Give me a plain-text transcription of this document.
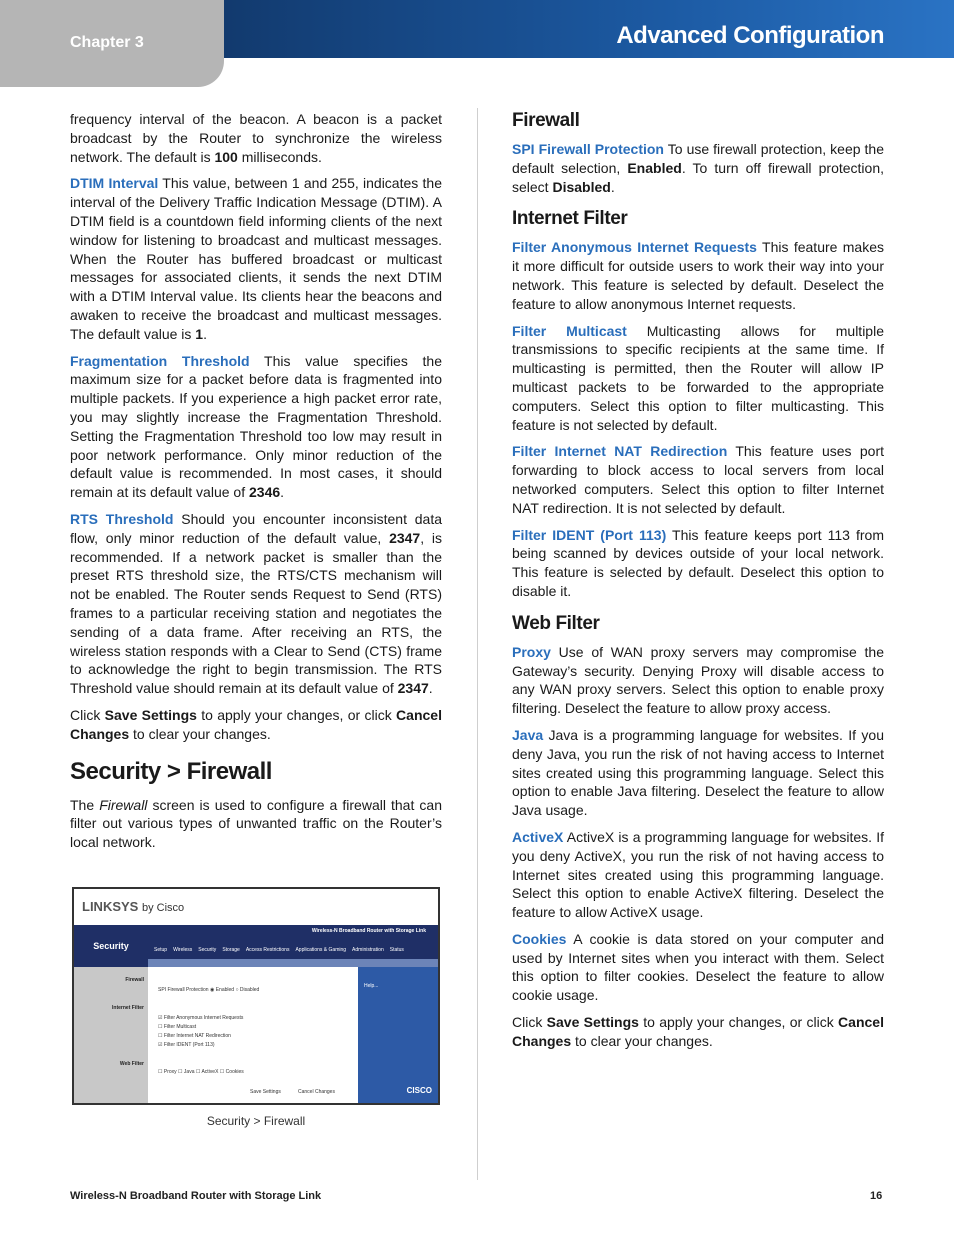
Chapter 3	Advanced Configuration

frequency interval of the beacon. A beacon is a packet broadcast by the Router to synchronize the wireless network. The default is 100 milliseconds.

DTIM Interval This value, between 1 and 255, indicates the interval of the Delivery Traffic Indication Message (DTIM). A DTIM field is a countdown field informing clients of the next window for listening to broadcast and multicast messages. When the Router has buffered broadcast or multicast messages for associated clients, it sends the next DTIM with a DTIM Interval value. Its clients hear the beacons and awaken to receive the broadcast and multicast messages. The default value is 1.

Fragmentation Threshold This value specifies the maximum size for a packet before data is fragmented into multiple packets. If you experience a high packet error rate, you may slightly increase the Fragmentation Threshold. Setting the Fragmentation Threshold too low may result in poor network performance. Only minor reduction of the default value is recommended. In most cases, it should remain at its default value of 2346.

RTS Threshold Should you encounter inconsistent data flow, only minor reduction of the default value, 2347, is recommended. If a network packet is smaller than the preset RTS threshold size, the RTS/CTS mechanism will not be enabled. The Router sends Request to Send (RTS) frames to a particular receiving station and negotiates the sending of a data frame. After receiving an RTS, the wireless station responds with a Clear to Send (CTS) frame to acknowledge the right to begin transmission. The RTS Threshold value should remain at its default value of 2347.

Click Save Settings to apply your changes, or click Cancel Changes to clear your changes.

Security > Firewall

The Firewall screen is used to configure a firewall that can filter out various types of unwanted traffic on the Router’s local network.

LINKSYS by Cisco
Security
Wireless-N Broadband Router with Storage Link
Setup Wireless Security Storage Access Restrictions Applications & Gaming Administration Status
Help...
CISCO
Firewall
Internet Filter
Web Filter
SPI Firewall Protection ◉ Enabled ○ Disabled
☑ Filter Anonymous Internet Requests
☐ Filter Multicast
☐ Filter Internet NAT Redirection
☑ Filter IDENT (Port 113)
☐ Proxy ☐ Java ☐ ActiveX ☐ Cookies
Save Settings	Cancel Changes
Security > Firewall
Firewall

SPI Firewall Protection To use firewall protection, keep the default selection, Enabled. To turn off firewall protection, select Disabled.

Internet Filter

Filter Anonymous Internet Requests This feature makes it more difficult for outside users to work their way into your network. This feature is selected by default. Deselect the feature to allow anonymous Internet requests.

Filter Multicast Multicasting allows for multiple transmissions to specific recipients at the same time. If multicasting is permitted, then the Router will allow IP multicast packets to be forwarded to the appropriate computers. Select this option to filter multicasting. This feature is not selected by default.

Filter Internet NAT Redirection This feature uses port forwarding to block access to local servers from local networked computers. Select this option to filter Internet NAT redirection. It is not selected by default.

Filter IDENT (Port 113) This feature keeps port 113 from being scanned by devices outside of your local network. This feature is selected by default. Deselect this option to disable it.

Web Filter

Proxy Use of WAN proxy servers may compromise the Gateway’s security. Denying Proxy will disable access to any WAN proxy servers. Select this option to enable proxy filtering. Deselect the feature to allow proxy access.

Java Java is a programming language for websites. If you deny Java, you run the risk of not having access to Internet sites created using this programming language. Select this option to enable Java filtering. Deselect the feature to allow Java usage.

ActiveX ActiveX is a programming language for websites. If you deny ActiveX, you run the risk of not having access to Internet sites created using this programming language. Select this option to enable ActiveX filtering. Deselect the feature to allow ActiveX usage.

Cookies A cookie is data stored on your computer and used by Internet sites when you interact with them. Select this option to filter cookies. Deselect the feature to allow cookie usage.

Click Save Settings to apply your changes, or click Cancel Changes to clear your changes.

Wireless-N Broadband Router with Storage Link	16
